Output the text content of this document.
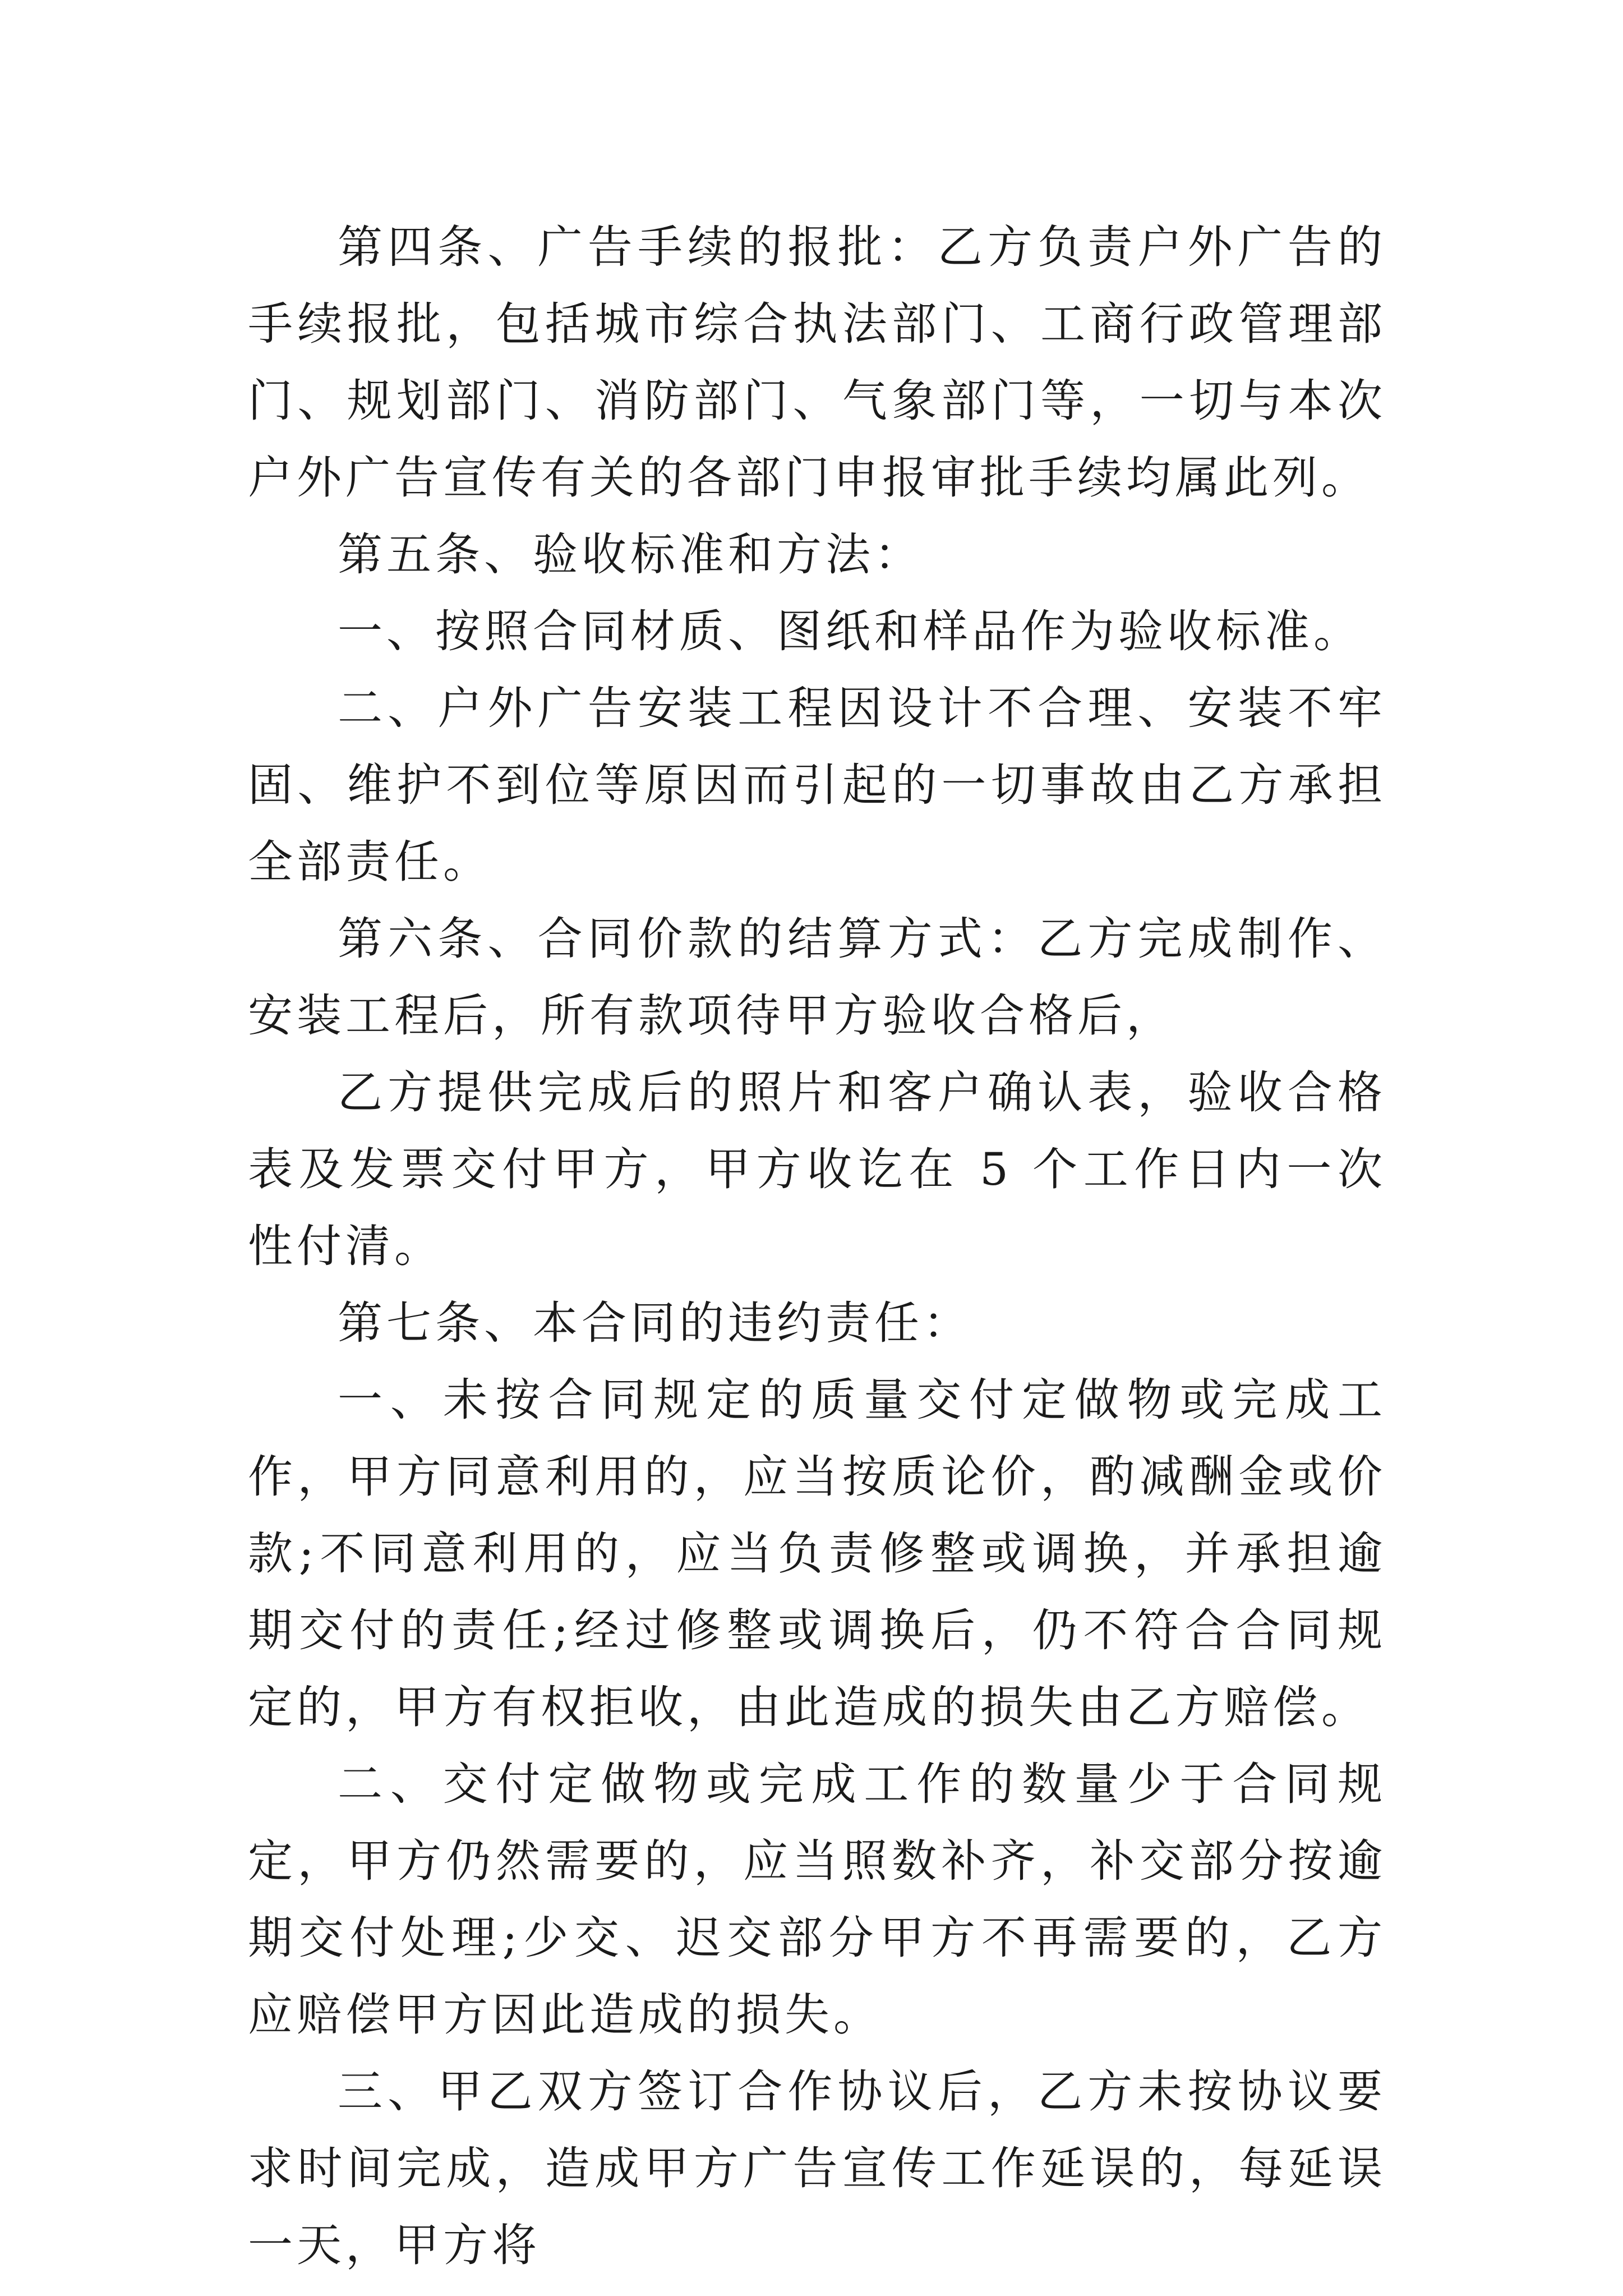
第四条、广告手续的报批：乙方负责户外广告的手续报批，包括城市综合执法部门、工商行政管理部门、规划部门、消防部门、气象部门等，一切与本次户外广告宣传有关的各部门申报审批手续均属此列。

第五条、验收标准和方法：

一、按照合同材质、图纸和样品作为验收标准。

二、户外广告安装工程因设计不合理、安装不牢固、维护不到位等原因而引起的一切事故由乙方承担全部责任。

第六条、合同价款的结算方式：乙方完成制作、安装工程后，所有款项待甲方验收合格后，

乙方提供完成后的照片和客户确认表，验收合格表及发票交付甲方，甲方收讫在 5 个工作日内一次性付清。

第七条、本合同的违约责任：

一、未按合同规定的质量交付定做物或完成工作，甲方同意利用的，应当按质论价，酌减酬金或价款;不同意利用的，应当负责修整或调换，并承担逾期交付的责任;经过修整或调换后，仍不符合合同规定的，甲方有权拒收，由此造成的损失由乙方赔偿。

二、交付定做物或完成工作的数量少于合同规定，甲方仍然需要的，应当照数补齐，补交部分按逾期交付处理;少交、迟交部分甲方不再需要的，乙方应赔偿甲方因此造成的损失。

三、甲乙双方签订合作协议后，乙方未按协议要求时间完成，造成甲方广告宣传工作延误的，每延误一天，甲方将
